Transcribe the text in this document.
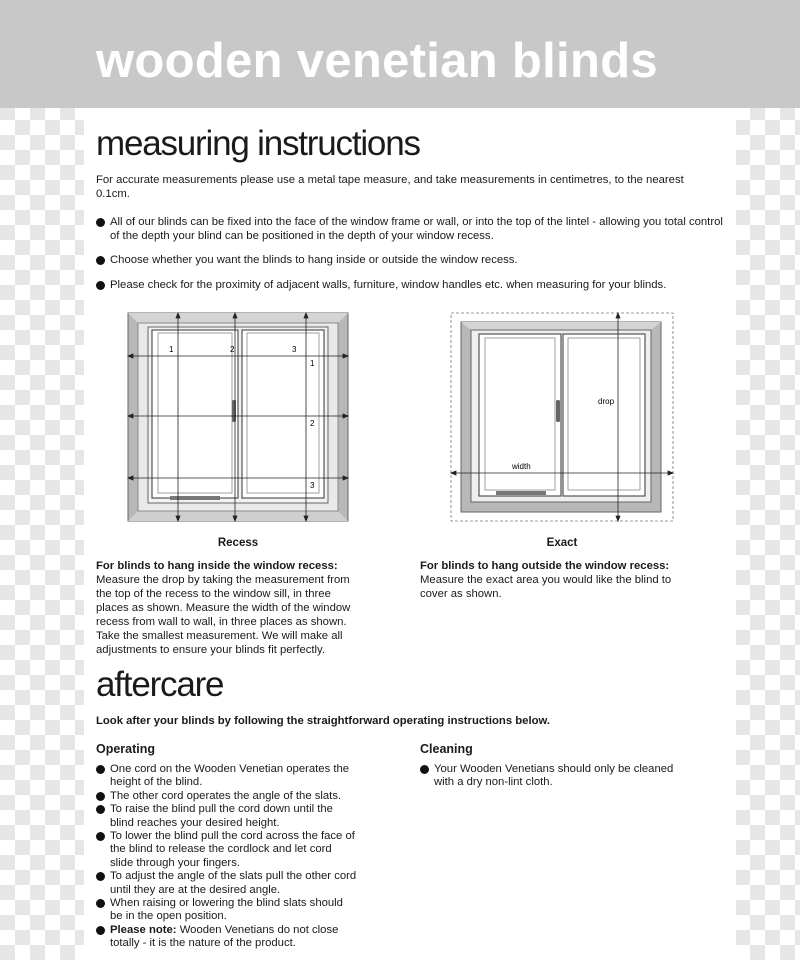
wooden venetian blinds
measuring instructions
For accurate measurements please use a metal tape measure, and take measurements in centimetres, to the nearest 0.1cm.
All of our blinds can be fixed into the face of the window frame or wall, or into the top of the lintel - allowing you total control of the depth your blind can be positioned in the depth of your window recess.
Choose whether you want the blinds to hang inside or outside the window recess.
Please check for the proximity of adjacent walls, furniture, window handles etc. when measuring for your blinds.
1	2	3
1
2
3
drop
width
Recess	Exact
For blinds to hang inside the window recess:
Measure the drop by taking the measurement from
the top of the recess to the window sill, in three
places as shown. Measure the width of the window
recess from wall to wall, in three places as shown.
Take the smallest measurement. We will make all
adjustments to ensure your blinds fit perfectly.
For blinds to hang outside the window recess:
Measure the exact area you would like the blind to
cover as shown.
aftercare
Look after your blinds by following the straightforward operating instructions below.
Operating	Cleaning
One cord on the Wooden Venetian operates the
height of the blind.
The other cord operates the angle of the slats.
To raise the blind pull the cord down until the
blind reaches your desired height.
To lower the blind pull the cord across the face of
the blind to release the cordlock and let cord
slide through your fingers.
To adjust the angle of the slats pull the other cord
until they are at the desired angle.
When raising or lowering the blind slats should
be in the open position.
Please note: Wooden Venetians do not close
totally - it is the nature of the product.
Your Wooden Venetians should only be cleaned
with a dry non-lint cloth.
